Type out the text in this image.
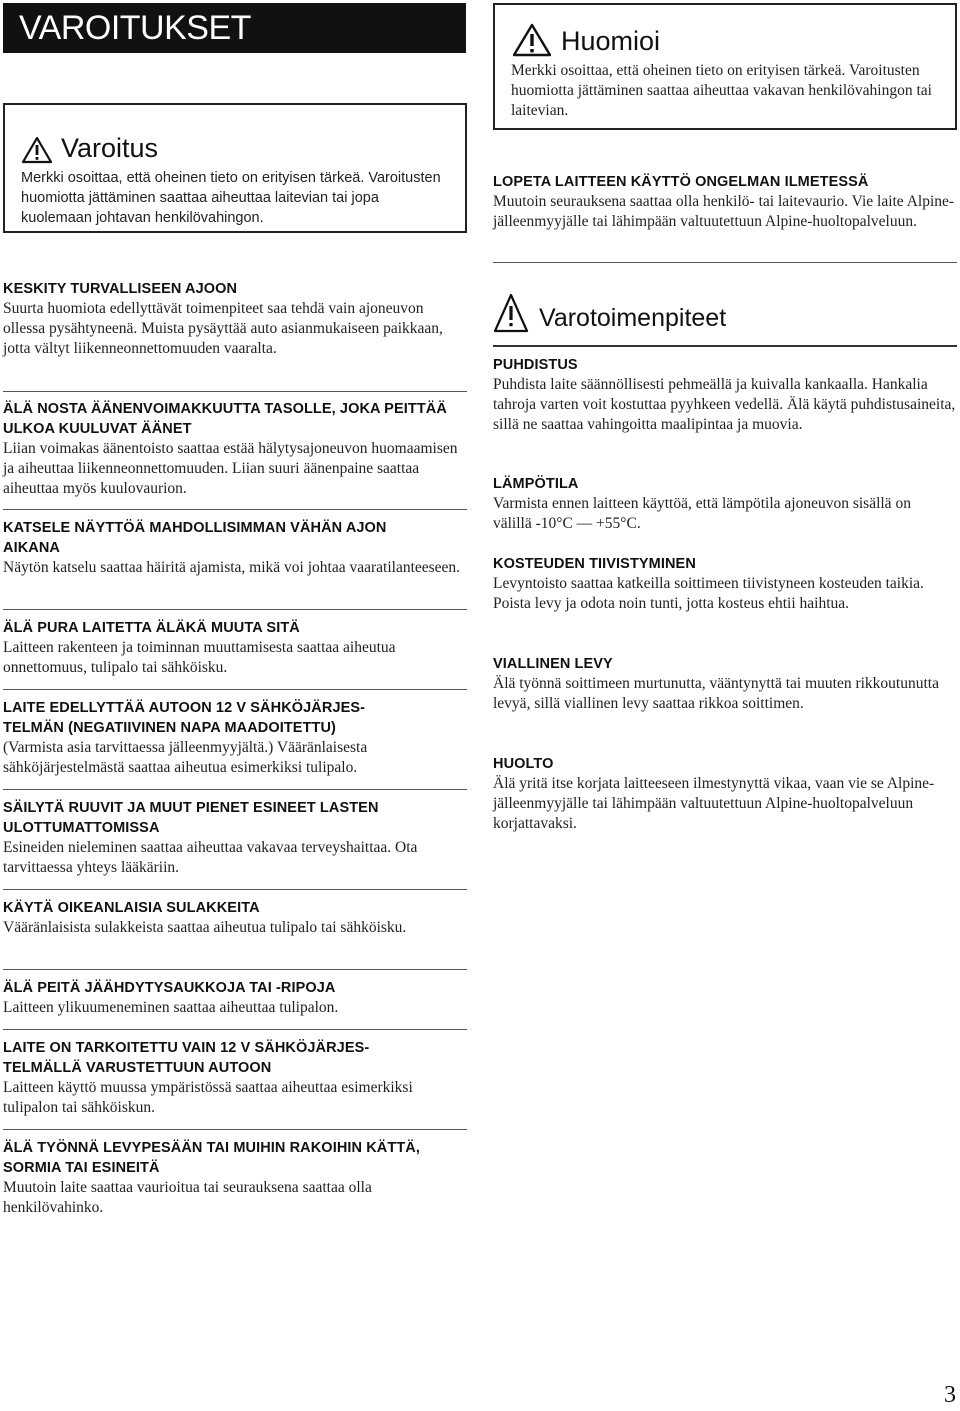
VAROITUKSET
Varoitus
Merkki osoittaa, että oheinen tieto on erityisen tärkeä. Varoitusten huomiotta jättäminen saattaa aiheuttaa laitevian tai jopa kuolemaan johtavan henkilövahingon.
KESKITY TURVALLISEEN AJOON

Suurta huomiota edellyttävät toimenpiteet saa tehdä vain ajoneuvon ollessa pysähtyneenä. Muista pysäyttää auto asianmukaiseen paikkaan, jotta vältyt liikenneonnettomuuden vaaralta.

ÄLÄ NOSTA ÄÄNENVOIMAKKUUTTA TASOLLE, JOKA PEITTÄÄ ULKOA KUULUVAT ÄÄNET

Liian voimakas äänentoisto saattaa estää hälytysajoneuvon huomaamisen ja aiheuttaa liikenneonnettomuuden. Liian suuri äänenpaine saattaa aiheuttaa myös kuulovaurion.

KATSELE NÄYTTÖÄ MAHDOLLISIMMAN VÄHÄN AJON AIKANA

Näytön katselu saattaa häiritä ajamista, mikä voi johtaa vaaratilanteeseen.

ÄLÄ PURA LAITETTA ÄLÄKÄ MUUTA SITÄ

Laitteen rakenteen ja toiminnan muuttamisesta saattaa aiheutua onnettomuus, tulipalo tai sähköisku.

LAITE EDELLYTTÄÄ AUTOON 12 V SÄHKÖJÄRJES-TELMÄN (NEGATIIVINEN NAPA MAADOITETTU)

(Varmista asia tarvittaessa jälleenmyyjältä.) Vääränlaisesta sähköjärjestelmästä saattaa aiheutua esimerkiksi tulipalo.

SÄILYTÄ RUUVIT JA MUUT PIENET ESINEET LASTEN ULOTTUMATTOMISSA

Esineiden nieleminen saattaa aiheuttaa vakavaa terveyshaittaa. Ota tarvittaessa yhteys lääkäriin.

KÄYTÄ OIKEANLAISIA SULAKKEITA

Vääränlaisista sulakkeista saattaa aiheutua tulipalo tai sähköisku.

ÄLÄ PEITÄ JÄÄHDYTYSAUKKOJA TAI -RIPOJA

Laitteen ylikuumeneminen saattaa aiheuttaa tulipalon.

LAITE ON TARKOITETTU VAIN 12 V SÄHKÖJÄRJES-TELMÄLLÄ VARUSTETTUUN AUTOON

Laitteen käyttö muussa ympäristössä saattaa aiheuttaa esimerkiksi tulipalon tai sähköiskun.

ÄLÄ TYÖNNÄ LEVYPESÄÄN TAI MUIHIN RAKOIHIN KÄTTÄ, SORMIA TAI ESINEITÄ

Muutoin laite saattaa vaurioitua tai seurauksena saattaa olla henkilövahinko.

Huomioi
Merkki osoittaa, että oheinen tieto on erityisen tärkeä. Varoitusten huomiotta jättäminen saattaa aiheuttaa vakavan henkilövahingon tai laitevian.
LOPETA LAITTEEN KÄYTTÖ ONGELMAN ILMETESSÄ

Muutoin seurauksena saattaa olla henkilö- tai laitevaurio. Vie laite Alpine-jälleenmyyjälle tai lähimpään valtuutettuun Alpine-huoltopalveluun.

Varotoimenpiteet
PUHDISTUS

Puhdista laite säännöllisesti pehmeällä ja kuivalla kankaalla. Hankalia tahroja varten voit kostuttaa pyyhkeen vedellä. Älä käytä puhdistusaineita, sillä ne saattaa vahingoitta maalipintaa ja muovia.

LÄMPÖTILA

Varmista ennen laitteen käyttöä, että lämpötila ajoneuvon sisällä on välillä -10°C — +55°C.

KOSTEUDEN TIIVISTYMINEN

Levyntoisto saattaa katkeilla soittimeen tiivistyneen kosteuden taikia. Poista levy ja odota noin tunti, jotta kosteus ehtii haihtua.

VIALLINEN LEVY

Älä työnnä soittimeen murtunutta, vääntynyttä tai muuten rikkoutunutta levyä, sillä viallinen levy saattaa rikkoa soittimen.

HUOLTO

Älä yritä itse korjata laitteeseen ilmestynyttä vikaa, vaan vie se Alpine-jälleenmyyjälle tai lähimpään valtuutettuun Alpine-huoltopalveluun korjattavaksi.

3
